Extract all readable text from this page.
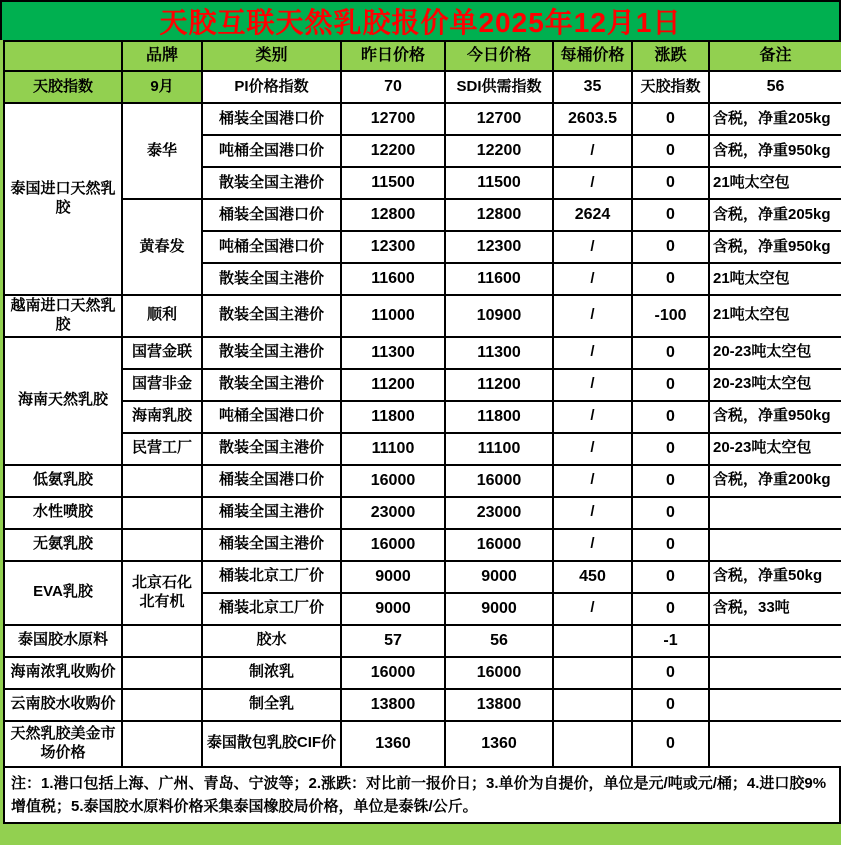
天胶互联天然乳胶报价单2025年12月1日
	品牌	类别	昨日价格	今日价格	每桶价格	涨跌	备注
天胶指数	9月	PI价格指数	70	SDI供需指数	35	天胶指数	56
泰国进口天然乳胶	泰华	桶装全国港口价	12700	12700	2603.5	0	含税，净重205kg
		吨桶全国港口价	12200	12200	/	0	含税，净重950kg
		散装全国主港价	11500	11500	/	0	21吨太空包
	黄春发	桶装全国港口价	12800	12800	2624	0	含税，净重205kg
		吨桶全国港口价	12300	12300	/	0	含税，净重950kg
		散装全国主港价	11600	11600	/	0	21吨太空包
越南进口天然乳胶	顺利	散装全国主港价	11000	10900	/	-100	21吨太空包
海南天然乳胶	国营金联	散装全国主港价	11300	11300	/	0	20-23吨太空包
	国营非金	散装全国主港价	11200	11200	/	0	20-23吨太空包
	海南乳胶	吨桶全国港口价	11800	11800	/	0	含税，净重950kg
	民营工厂	散装全国主港价	11100	11100	/	0	20-23吨太空包
低氨乳胶		桶装全国港口价	16000	16000	/	0	含税，净重200kg
水性喷胶		桶装全国主港价	23000	23000	/	0	
无氨乳胶		桶装全国主港价	16000	16000	/	0	
EVA乳胶	北京石化北有机	桶装北京工厂价	9000	9000	450	0	含税，净重50kg
		桶装北京工厂价	9000	9000	/	0	含税，33吨
泰国胶水原料		胶水	57	56		-1	
海南浓乳收购价		制浓乳	16000	16000		0	
云南胶水收购价		制全乳	13800	13800		0	
天然乳胶美金市场价格		泰国散包乳胶CIF价	1360	1360		0	
注：1.港口包括上海、广州、青岛、宁波等；2.涨跌：对比前一报价日；3.单价为自提价，单位是元/吨或元/桶；4.进口胶9%增值税；5.泰国胶水原料价格采集泰国橡胶局价格，单位是泰铢/公斤。
